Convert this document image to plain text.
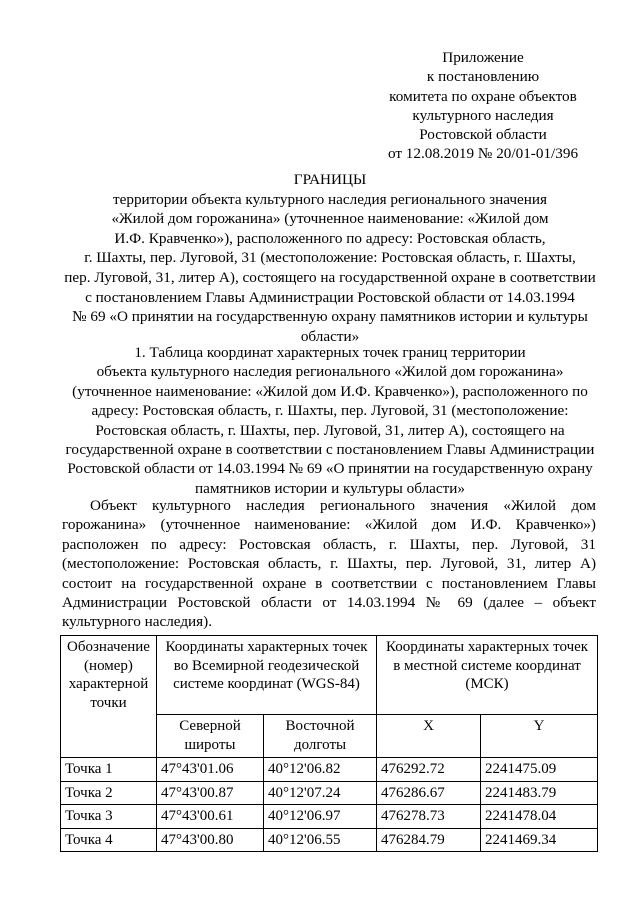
Приложение
к постановлению
комитета по охране объектов
культурного наследия
Ростовской области
от 12.08.2019 № 20/01-01/396
ГРАНИЦЫ
территории объекта культурного наследия регионального значения
«Жилой дом горожанина» (уточненное наименование: «Жилой дом
И.Ф. Кравченко»), расположенного по адресу: Ростовская область,
г. Шахты, пер. Луговой, 31 (местоположение: Ростовская область, г. Шахты,
пер. Луговой, 31, литер А), состоящего на государственной охране в соответствии
с постановлением Главы Администрации Ростовской области от 14.03.1994
№ 69 «О принятии на государственную охрану памятников истории и культуры
области»
1. Таблица координат характерных точек границ территории
объекта культурного наследия регионального «Жилой дом горожанина»
(уточненное наименование: «Жилой дом И.Ф. Кравченко»), расположенного по
адресу: Ростовская область, г. Шахты, пер. Луговой, 31 (местоположение:
Ростовская область, г. Шахты, пер. Луговой, 31, литер А), состоящего на
государственной охране в соответствии с постановлением Главы Администрации
Ростовской области от 14.03.1994 № 69 «О принятии на государственную охрану
памятников истории и культуры области»
Объект культурного наследия регионального значения «Жилой дом
горожанина» (уточненное наименование: «Жилой дом И.Ф. Кравченко»)
расположен по адресу: Ростовская область, г. Шахты, пер. Луговой, 31
(местоположение: Ростовская область, г. Шахты, пер. Луговой, 31, литер А)
состоит на государственной охране в соответствии с постановлением Главы
Администрации Ростовской области от 14.03.1994 № 69 (далее – объект
культурного наследия).
Обозначение (номер) характерной точки	Координаты характерных точек во Всемирной геодезической системе координат (WGS-84)		Координаты характерных точек в местной системе координат (МСК)	
	Северной широты	Восточной долготы	X	Y
Точка 1	47°43'01.06	40°12'06.82	476292.72	2241475.09
Точка 2	47°43'00.87	40°12'07.24	476286.67	2241483.79
Точка 3	47°43'00.61	40°12'06.97	476278.73	2241478.04
Точка 4	47°43'00.80	40°12'06.55	476284.79	2241469.34
